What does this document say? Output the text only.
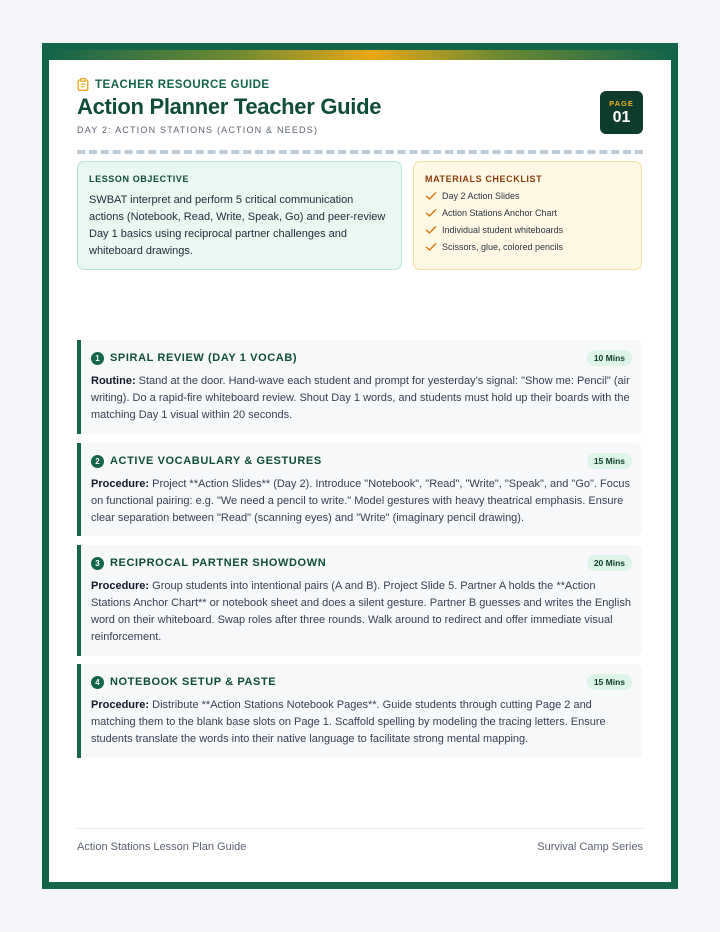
TEACHER RESOURCE GUIDE
Action Planner Teacher Guide
DAY 2: ACTION STATIONS (ACTION & NEEDS)
PAGE
01
LESSON OBJECTIVE
SWBAT interpret and perform 5 critical communication actions (Notebook, Read, Write, Speak, Go) and peer-review Day 1 basics using reciprocal partner challenges and whiteboard drawings.
MATERIALS CHECKLIST
Day 2 Action Slides
Action Stations Anchor Chart
Individual student whiteboards
Scissors, glue, colored pencils
1 SPIRAL REVIEW (DAY 1 VOCAB)	10 Mins
Routine: Stand at the door. Hand-wave each student and prompt for yesterday's signal: "Show me: Pencil" (air writing). Do a rapid-fire whiteboard review. Shout Day 1 words, and students must hold up their boards with the matching Day 1 visual within 20 seconds.
2 ACTIVE VOCABULARY & GESTURES	15 Mins
Procedure: Project **Action Slides** (Day 2). Introduce "Notebook", "Read", "Write", "Speak", and "Go". Focus on functional pairing: e.g. "We need a pencil to write." Model gestures with heavy theatrical emphasis. Ensure clear separation between "Read" (scanning eyes) and "Write" (imaginary pencil drawing).
3 RECIPROCAL PARTNER SHOWDOWN	20 Mins
Procedure: Group students into intentional pairs (A and B). Project Slide 5. Partner A holds the **Action Stations Anchor Chart** or notebook sheet and does a silent gesture. Partner B guesses and writes the English word on their whiteboard. Swap roles after three rounds. Walk around to redirect and offer immediate visual reinforcement.
4 NOTEBOOK SETUP & PASTE	15 Mins
Procedure: Distribute **Action Stations Notebook Pages**. Guide students through cutting Page 2 and matching them to the blank base slots on Page 1. Scaffold spelling by modeling the tracing letters. Ensure students translate the words into their native language to facilitate strong mental mapping.
Action Stations Lesson Plan Guide	Survival Camp Series
